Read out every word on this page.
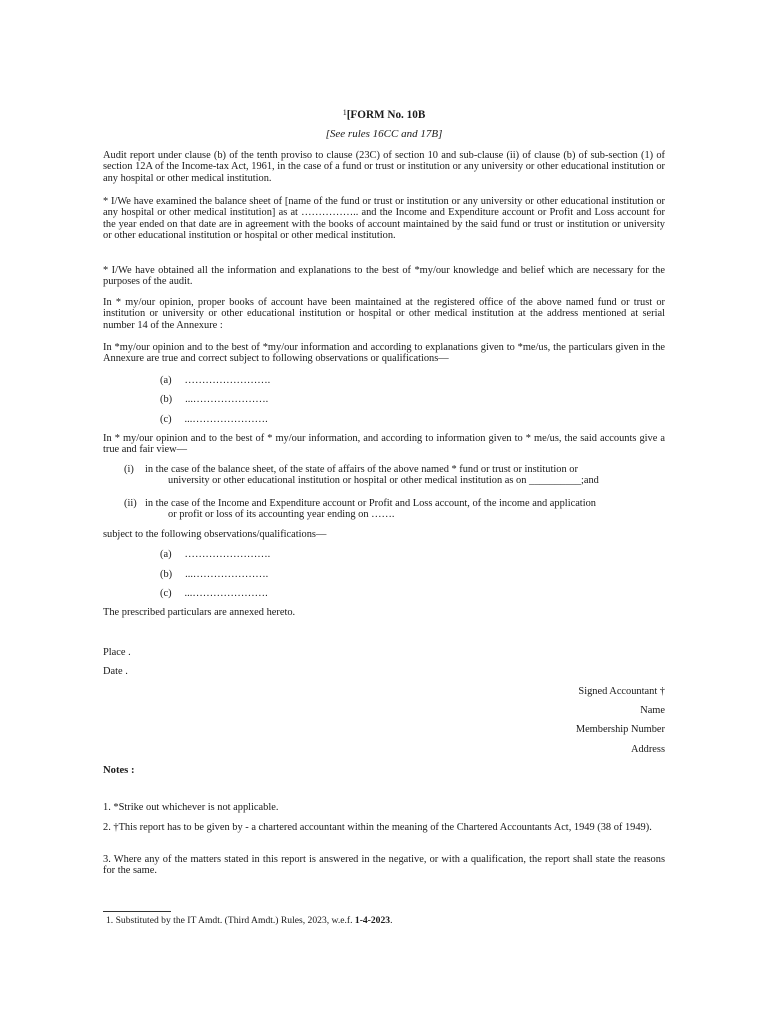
$^1$[FORM No. 10B
[See rules 16CC and 17B]

Audit report under clause (b) of the tenth proviso to clause (23C) of section 10 and sub-clause (ii) of clause (b) of sub-section (1) of section 12A of the Income-tax Act, 1961, in the case of a fund or trust or institution or any university or other educational institution or any hospital or other medical institution.

* I/We have examined the balance sheet of [name of the fund or trust or institution or any university or other educational institution or any hospital or other medical institution] as at …………….. and the Income and Expenditure account or Profit and Loss account for the year ended on that date are in agreement with the books of account maintained by the said fund or trust or institution or university or other educational institution or hospital or other medical institution.

* I/We have obtained all the information and explanations to the best of *my/our knowledge and belief which are necessary for the purposes of the audit.

In * my/our opinion, proper books of account have been maintained at the registered office of the above named fund or trust or institution or university or other educational institution or hospital or other medical institution at the address mentioned at serial number 14 of the Annexure :

In *my/our opinion and to the best of *my/our information and according to explanations given to *me/us, the particulars given in the Annexure are true and correct subject to following observations or qualifications—

(a) …………………….
(b) ...………………….
(c) ...………………….

In * my/our opinion and to the best of * my/our information, and according to information given to * me/us, the said accounts give a true and fair view—

(i) in the case of the balance sheet, of the state of affairs of the above named * fund or trust or institution or
university or other educational institution or hospital or other medical institution as on __________;and
(ii) in the case of the Income and Expenditure account or Profit and Loss account, of the income and application
or profit or loss of its accounting year ending on …….
subject to the following observations/qualifications—
(a) …………………….
(b) ...………………….
(c) ...………………….
The prescribed particulars are annexed hereto.
Place .
Date .
Signed Accountant †
Name
Membership Number
Address
Notes :

1. *Strike out whichever is not applicable.

2. †This report has to be given by - a chartered accountant within the meaning of the Chartered Accountants Act, 1949 (38 of 1949).

3. Where any of the matters stated in this report is answered in the negative, or with a qualification, the report shall state the reasons for the same.

1. Substituted by the IT Amdt. (Third Amdt.) Rules, 2023, w.e.f. 1-4-2023.
